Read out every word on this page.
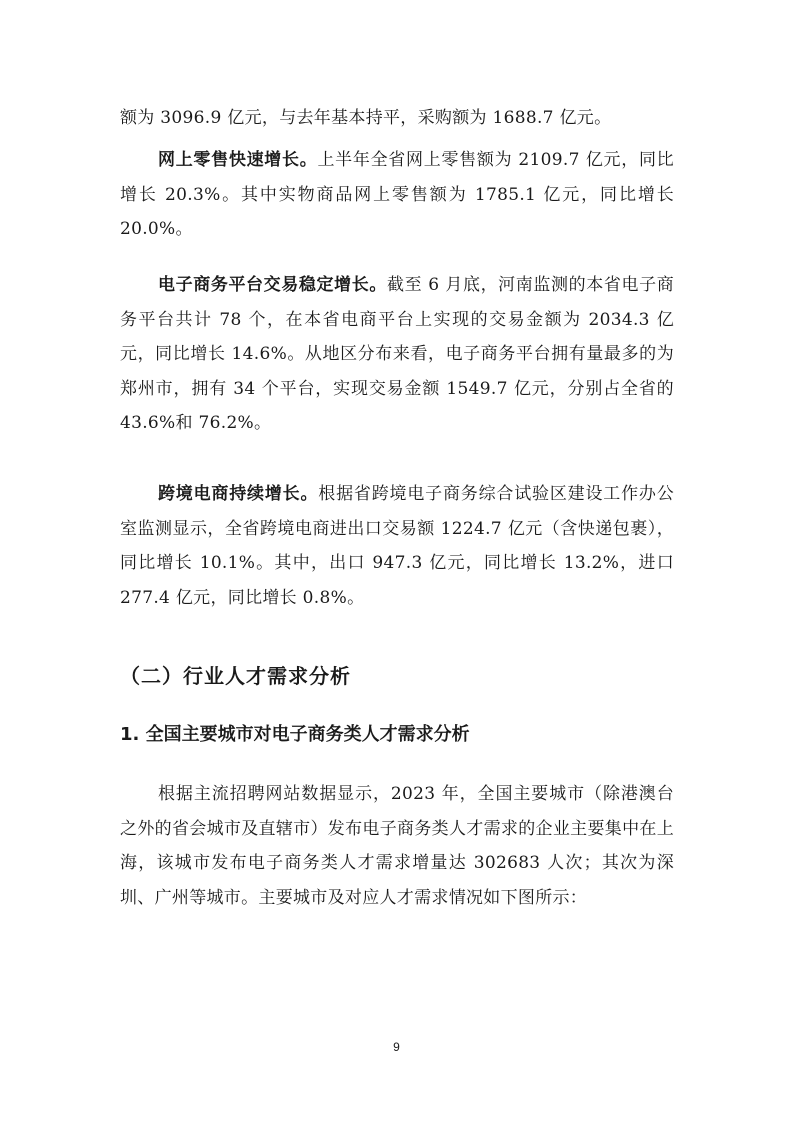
额为 3096.9 亿元，与去年基本持平，采购额为 1688.7 亿元。

网上零售快速增长。上半年全省网上零售额为 2109.7 亿元，同比增长 20.3%。其中实物商品网上零售额为 1785.1 亿元，同比增长 20.0%。

电子商务平台交易稳定增长。截至 6 月底，河南监测的本省电子商务平台共计 78 个，在本省电商平台上实现的交易金额为 2034.3 亿元，同比增长 14.6%。从地区分布来看，电子商务平台拥有量最多的为郑州市，拥有 34 个平台，实现交易金额 1549.7 亿元，分别占全省的 43.6%和 76.2%。

跨境电商持续增长。根据省跨境电子商务综合试验区建设工作办公室监测显示，全省跨境电商进出口交易额 1224.7 亿元（含快递包裹），同比增长 10.1%。其中，出口 947.3 亿元，同比增长 13.2%，进口 277.4 亿元，同比增长 0.8%。

（二）行业人才需求分析
1. 全国主要城市对电子商务类人才需求分析

根据主流招聘网站数据显示，2023 年，全国主要城市（除港澳台之外的省会城市及直辖市）发布电子商务类人才需求的企业主要集中在上海，该城市发布电子商务类人才需求增量达 302683 人次；其次为深圳、广州等城市。主要城市及对应人才需求情况如下图所示：

9
